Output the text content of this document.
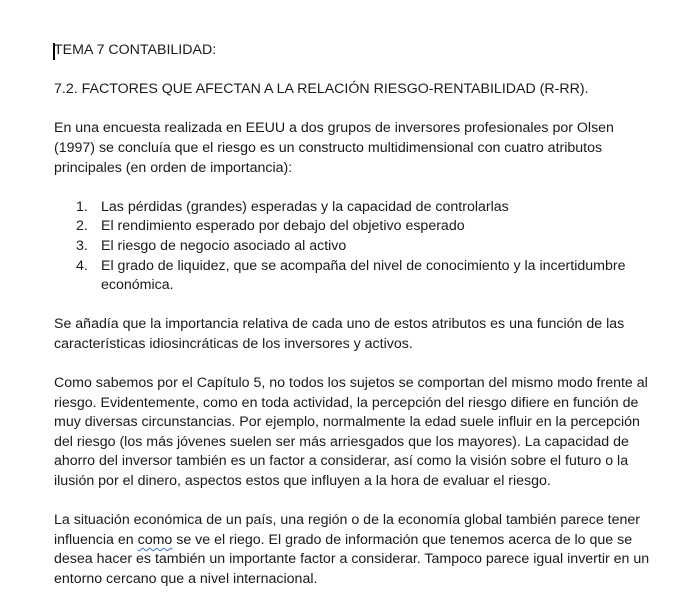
TEMA 7 CONTABILIDAD:

7.2. FACTORES QUE AFECTAN A LA RELACIÓN RIESGO-RENTABILIDAD (R-RR).

En una encuesta realizada en EEUU a dos grupos de inversores profesionales por Olsen (1997) se concluía que el riesgo es un constructo multidimensional con cuatro atributos principales (en orden de importancia):

1. Las pérdidas (grandes) esperadas y la capacidad de controlarlas
2. El rendimiento esperado por debajo del objetivo esperado
3. El riesgo de negocio asociado al activo
4. El grado de liquidez, que se acompaña del nivel de conocimiento y la incertidumbre económica.

Se añadía que la importancia relativa de cada uno de estos atributos es una función de las características idiosincráticas de los inversores y activos.

Como sabemos por el Capítulo 5, no todos los sujetos se comportan del mismo modo frente al riesgo. Evidentemente, como en toda actividad, la percepción del riesgo difiere en función de muy diversas circunstancias. Por ejemplo, normalmente la edad suele influir en la percepción del riesgo (los más jóvenes suelen ser más arriesgados que los mayores). La capacidad de ahorro del inversor también es un factor a considerar, así como la visión sobre el futuro o la ilusión por el dinero, aspectos estos que influyen a la hora de evaluar el riesgo.

La situación económica de un país, una región o de la economía global también parece tener influencia en como se ve el riego. El grado de información que tenemos acerca de lo que se desea hacer es también un importante factor a considerar. Tampoco parece igual invertir en un entorno cercano que a nivel internacional.
